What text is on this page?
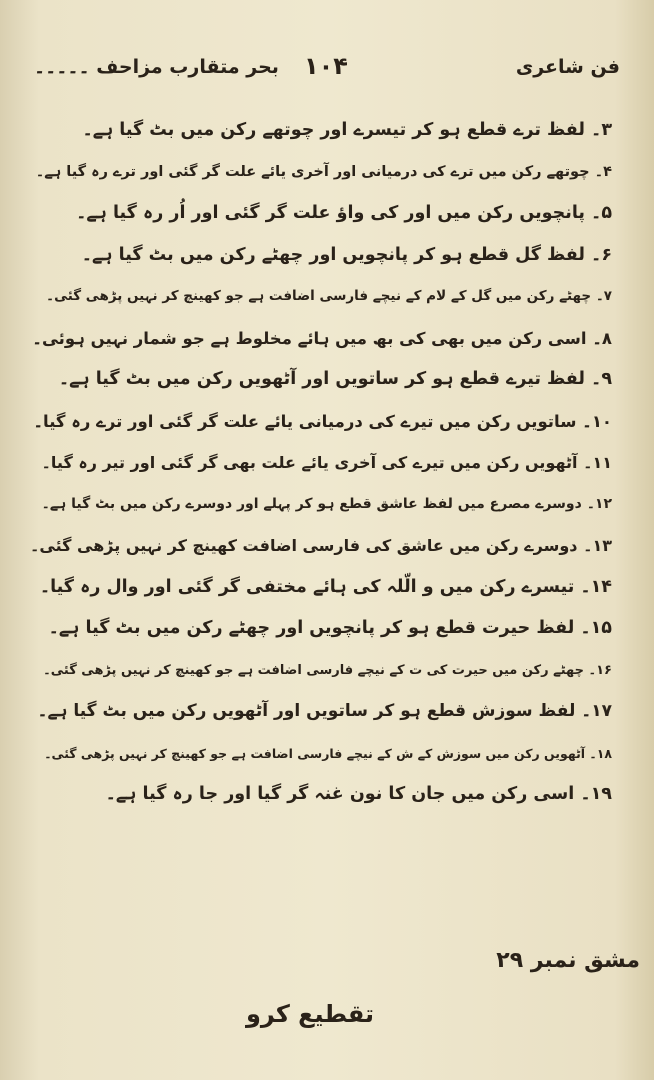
فن شاعری
۱۰۴
بحر متقارب مزاحف ۔۔۔۔۔
۳۔ لفظ ترے قطع ہو کر تیسرے اور چوتھے رکن میں بٹ گیا ہے۔
۴۔ چوتھے رکن میں ترے کی درمیانی اور آخری یائے علت گر گئی اور ترے رہ گیا ہے۔
۵۔ پانچویں رکن میں اور کی واؤ علت گر گئی اور اُر رہ گیا ہے۔
۶۔ لفظ گل قطع ہو کر پانچویں اور چھٹے رکن میں بٹ گیا ہے۔
۷۔ چھٹے رکن میں گل کے لام کے نیچے فارسی اضافت ہے جو کھینچ کر نہیں پڑھی گئی۔
۸۔ اسی رکن میں بھی کی بھ میں ہائے مخلوط ہے جو شمار نہیں ہوئی۔
۹۔ لفظ تیرے قطع ہو کر ساتویں اور آٹھویں رکن میں بٹ گیا ہے۔
۱۰۔ ساتویں رکن میں تیرے کی درمیانی یائے علت گر گئی اور ترے رہ گیا۔
۱۱۔ آٹھویں رکن میں تیرے کی آخری یائے علت بھی گر گئی اور تیر رہ گیا۔
۱۲۔ دوسرے مصرع میں لفظ عاشق قطع ہو کر پہلے اور دوسرے رکن میں بٹ گیا ہے۔
۱۳۔ دوسرے رکن میں عاشق کی فارسی اضافت کھینچ کر نہیں پڑھی گئی۔
۱۴۔ تیسرے رکن میں و الّلہ کی ہائے مختفی گر گئی اور وال رہ گیا۔
۱۵۔ لفظ حیرت قطع ہو کر پانچویں اور چھٹے رکن میں بٹ گیا ہے۔
۱۶۔ چھٹے رکن میں حیرت کی ت کے نیچے فارسی اضافت ہے جو کھینچ کر نہیں پڑھی گئی۔
۱۷۔ لفظ سوزش قطع ہو کر ساتویں اور آٹھویں رکن میں بٹ گیا ہے۔
۱۸۔ آٹھویں رکن میں سوزش کے ش کے نیچے فارسی اضافت ہے جو کھینچ کر نہیں پڑھی گئی۔
۱۹۔ اسی رکن میں جان کا نون غنہ گر گیا اور جا رہ گیا ہے۔
مشق نمبر ۲۹
تقطیع کرو
